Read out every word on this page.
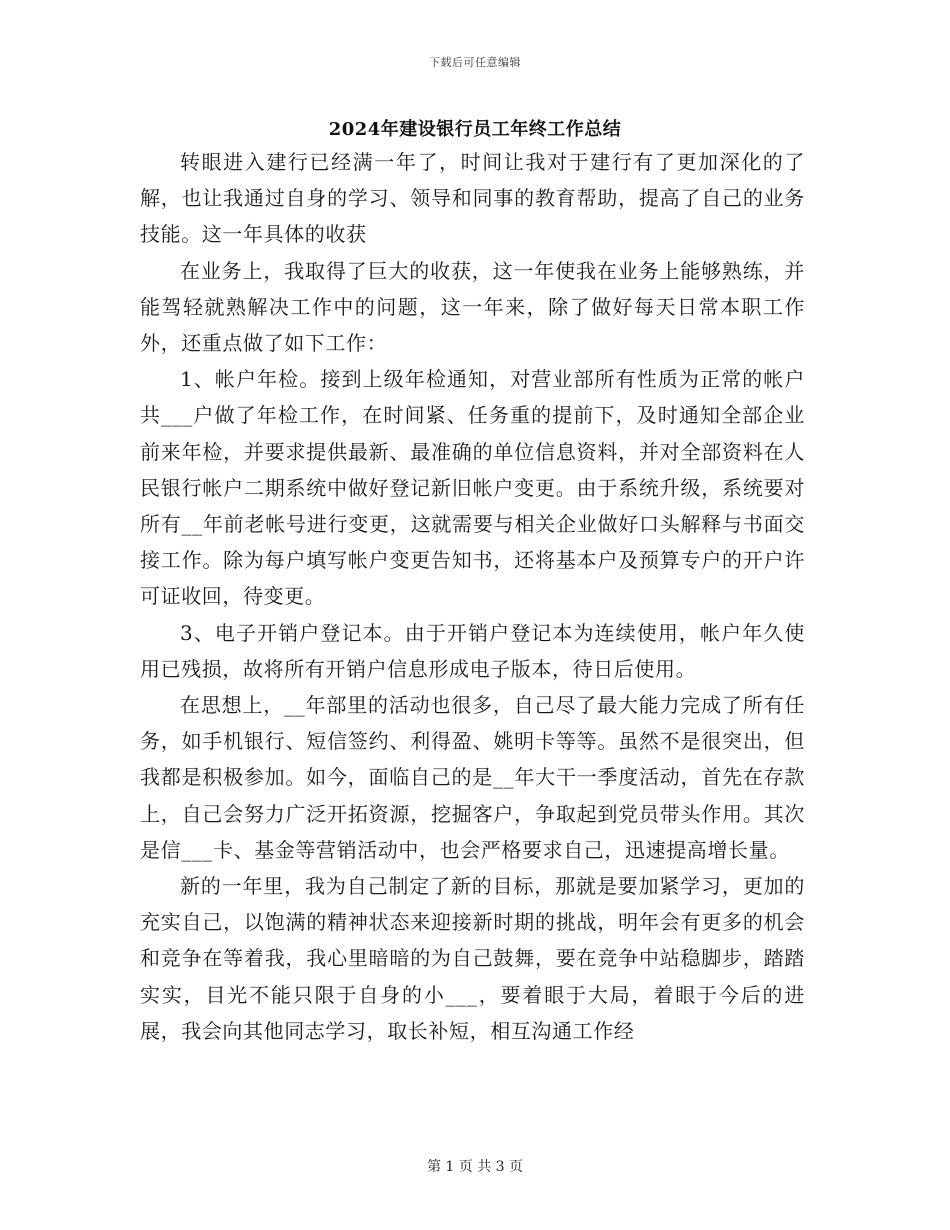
下载后可任意编辑
2024年建设银行员工年终工作总结

转眼进入建行已经满一年了，时间让我对于建行有了更加深化的了解，也让我通过自身的学习、领导和同事的教育帮助，提高了自己的业务技能。这一年具体的收获

在业务上，我取得了巨大的收获，这一年使我在业务上能够熟练，并能驾轻就熟解决工作中的问题，这一年来，除了做好每天日常本职工作外，还重点做了如下工作：

1、帐户年检。接到上级年检通知，对营业部所有性质为正常的帐户共___户做了年检工作，在时间紧、任务重的提前下，及时通知全部企业前来年检，并要求提供最新、最准确的单位信息资料，并对全部资料在人民银行帐户二期系统中做好登记新旧帐户变更。由于系统升级，系统要对所有__年前老帐号进行变更，这就需要与相关企业做好口头解释与书面交接工作。除为每户填写帐户变更告知书，还将基本户及预算专户的开户许可证收回，待变更。

3、电子开销户登记本。由于开销户登记本为连续使用，帐户年久使用已残损，故将所有开销户信息形成电子版本，待日后使用。

在思想上，__年部里的活动也很多，自己尽了最大能力完成了所有任务，如手机银行、短信签约、利得盈、姚明卡等等。虽然不是很突出，但我都是积极参加。如今，面临自己的是__年大干一季度活动，首先在存款上，自己会努力广泛开拓资源，挖掘客户，争取起到党员带头作用。其次是信___卡、基金等营销活动中，也会严格要求自己，迅速提高增长量。

新的一年里，我为自己制定了新的目标，那就是要加紧学习，更加的充实自己，以饱满的精神状态来迎接新时期的挑战，明年会有更多的机会和竞争在等着我，我心里暗暗的为自己鼓舞，要在竞争中站稳脚步，踏踏实实，目光不能只限于自身的小___，要着眼于大局，着眼于今后的进展，我会向其他同志学习，取长补短，相互沟通工作经

第 1 页 共 3 页
